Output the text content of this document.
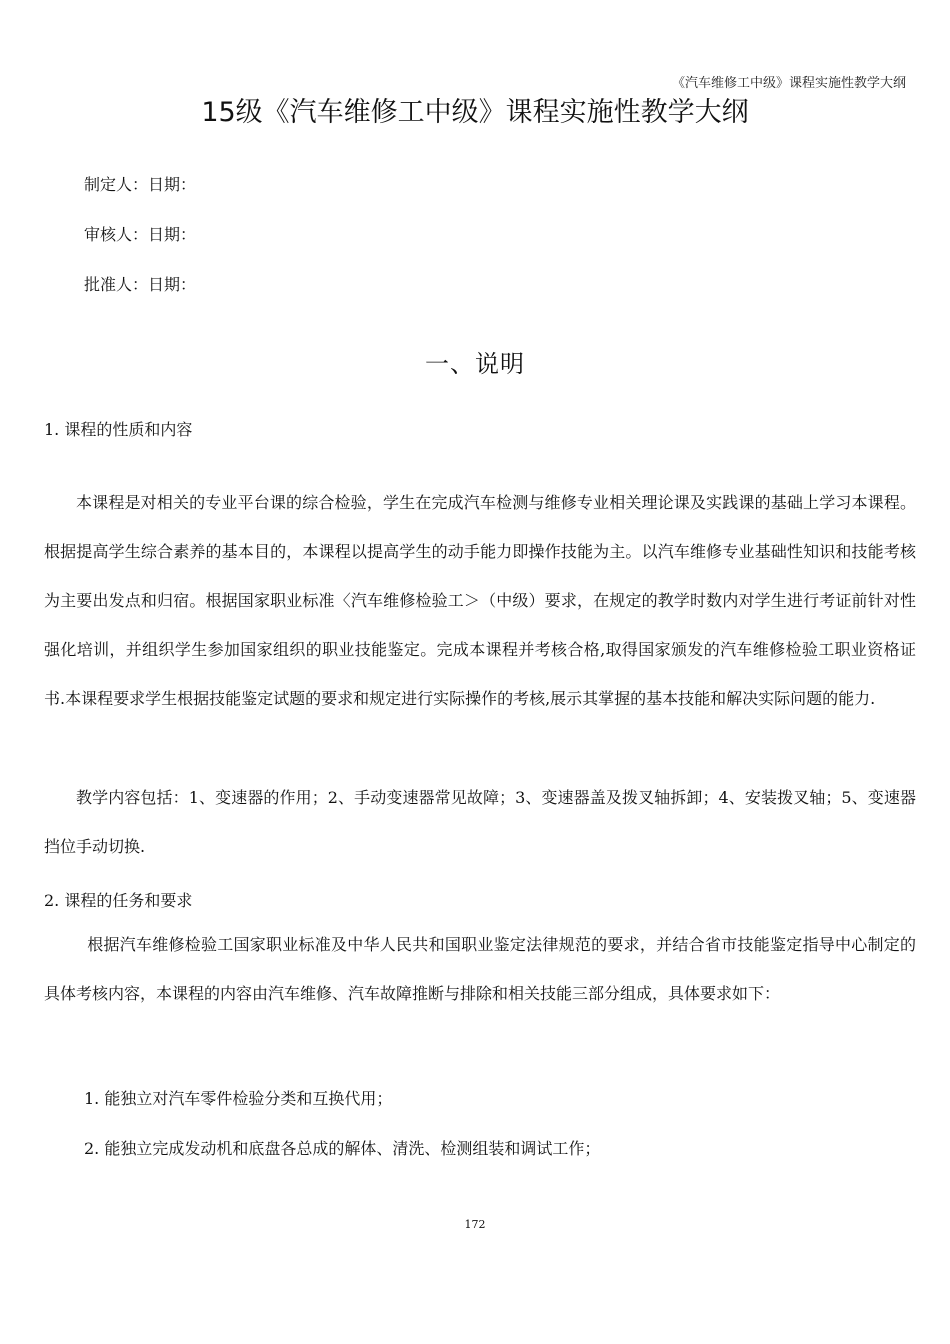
《汽车维修工中级》课程实施性教学大纲
15级《汽车维修工中级》课程实施性教学大纲
制定人：日期：
审核人：日期：
批准人：日期：
一、说明
1. 课程的性质和内容
本课程是对相关的专业平台课的综合检验，学生在完成汽车检测与维修专业相关理论课及实践课的基础上学习本课程。根据提高学生综合素养的基本目的，本课程以提高学生的动手能力即操作技能为主。以汽车维修专业基础性知识和技能考核为主要出发点和归宿。根据国家职业标准〈汽车维修检验工＞（中级）要求，在规定的教学时数内对学生进行考证前针对性强化培训，并组织学生参加国家组织的职业技能鉴定。完成本课程并考核合格,取得国家颁发的汽车维修检验工职业资格证书.本课程要求学生根据技能鉴定试题的要求和规定进行实际操作的考核,展示其掌握的基本技能和解决实际问题的能力.
教学内容包括：1、变速器的作用；2、手动变速器常见故障；3、变速器盖及拨叉轴拆卸；4、安装拨叉轴；5、变速器挡位手动切换.
2. 课程的任务和要求
根据汽车维修检验工国家职业标准及中华人民共和国职业鉴定法律规范的要求，并结合省市技能鉴定指导中心制定的具体考核内容，本课程的内容由汽车维修、汽车故障推断与排除和相关技能三部分组成，具体要求如下：
1. 能独立对汽车零件检验分类和互换代用；
2. 能独立完成发动机和底盘各总成的解体、清洗、检测组装和调试工作；
172
